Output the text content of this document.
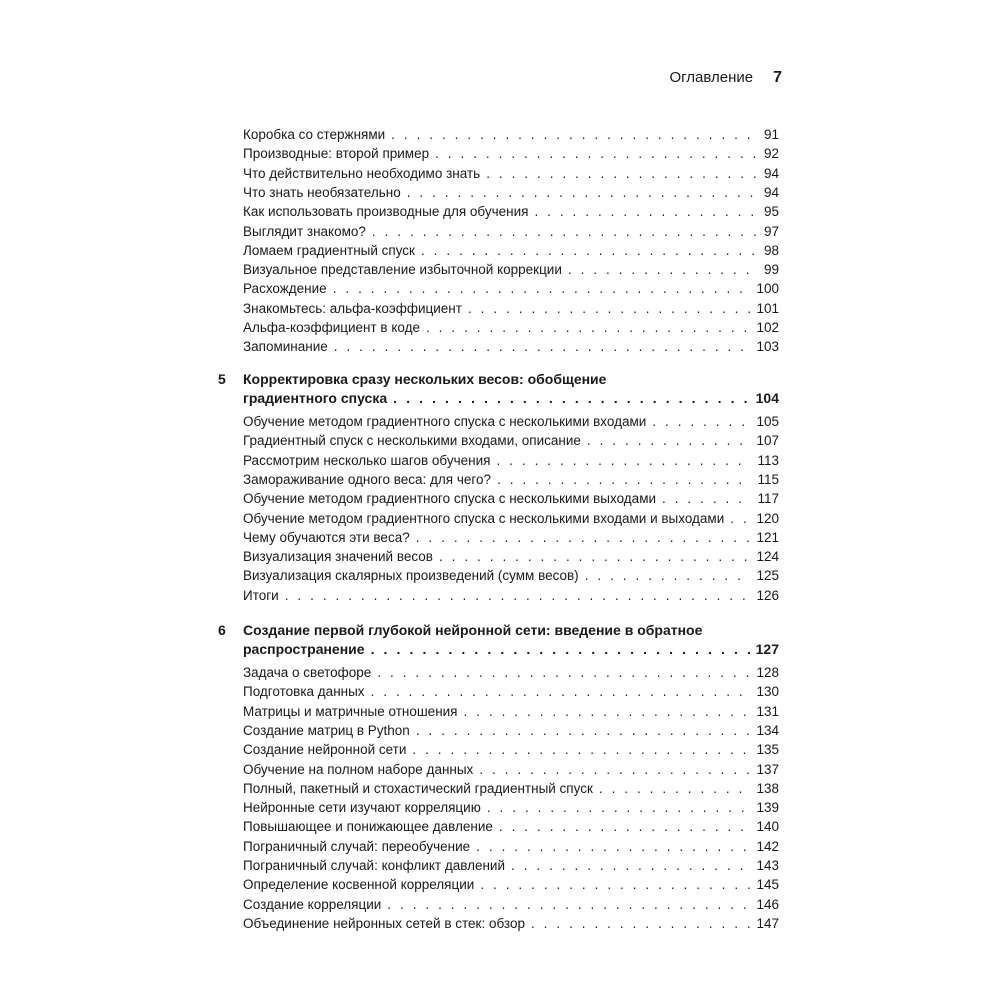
Оглавление 7
Коробка со стержнями . . .	91
Производные: второй пример . . .	92
Что действительно необходимо знать . . .	94
Что знать необязательно . . .	94
Как использовать производные для обучения . . .	95
Выглядит знакомо? . . .	97
Ломаем градиентный спуск . . .	98
Визуальное представление избыточной коррекции . . .	99
Расхождение . . .	100
Знакомьтесь: альфа-коэффициент . . .	101
Альфа-коэффициент в коде . . .	102
Запоминание . . .	103
5 Корректировка сразу нескольких весов: обобщение
градиентного спуска . . .	104
Обучение методом градиентного спуска с несколькими входами . . .	105
Градиентный спуск с несколькими входами, описание . . .	107
Рассмотрим несколько шагов обучения . . .	113
Замораживание одного веса: для чего? . . .	115
Обучение методом градиентного спуска с несколькими выходами . . .	117
Обучение методом градиентного спуска с несколькими входами и выходами . . . 120
Чему обучаются эти веса? . . .	121
Визуализация значений весов . . .	124
Визуализация скалярных произведений (сумм весов) . . .	125
Итоги . . .	126
6 Создание первой глубокой нейронной сети: введение в обратное
распространение . . .	127
Задача о светофоре . . .	128
Подготовка данных . . .	130
Матрицы и матричные отношения . . .	131
Создание матриц в Python . . .	134
Создание нейронной сети . . .	135
Обучение на полном наборе данных . . .	137
Полный, пакетный и стохастический градиентный спуск . . .	138
Нейронные сети изучают корреляцию . . .	139
Повышающее и понижающее давление . . .	140
Пограничный случай: переобучение . . .	142
Пограничный случай: конфликт давлений . . .	143
Определение косвенной корреляции . . .	145
Создание корреляции . . .	146
Объединение нейронных сетей в стек: обзор . . .	147
